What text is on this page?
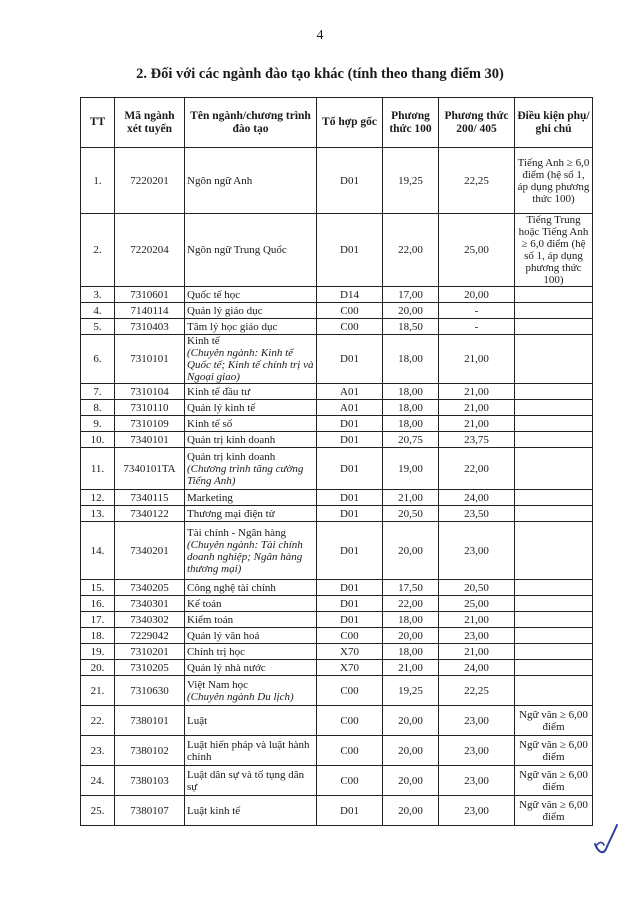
4
2. Đối với các ngành đào tạo khác (tính theo thang điểm 30)
TT	Mã ngành xét tuyển	Tên ngành/chương trình đào tạo	Tổ hợp gốc	Phương thức 100	Phương thức 200/ 405	Điều kiện phụ/ ghi chú
1.	7220201	Ngôn ngữ Anh	D01	19,25	22,25	Tiếng Anh ≥ 6,0 điểm (hệ số 1, áp dụng phương thức 100)
2.	7220204	Ngôn ngữ Trung Quốc	D01	22,00	25,00	Tiếng Trung hoặc Tiếng Anh ≥ 6,0 điểm (hệ số 1, áp dụng phương thức 100)
3.	7310601	Quốc tế học	D14	17,00	20,00	
4.	7140114	Quản lý giáo dục	C00	20,00	-	
5.	7310403	Tâm lý học giáo dục	C00	18,50	-	
6.	7310101	Kinh tế
(Chuyên ngành: Kinh tế Quốc tế; Kinh tế chính trị và Ngoại giao)	D01	18,00	21,00	
7.	7310104	Kinh tế đầu tư	A01	18,00	21,00	
8.	7310110	Quản lý kinh tế	A01	18,00	21,00	
9.	7310109	Kinh tế số	D01	18,00	21,00	
10.	7340101	Quản trị kinh doanh	D01	20,75	23,75	
11.	7340101TA	Quản trị kinh doanh
(Chương trình tăng cường Tiếng Anh)	D01	19,00	22,00	
12.	7340115	Marketing	D01	21,00	24,00	
13.	7340122	Thương mại điện tử	D01	20,50	23,50	
14.	7340201	Tài chính - Ngân hàng
(Chuyên ngành: Tài chính doanh nghiệp; Ngân hàng thương mại)	D01	20,00	23,00	
15.	7340205	Công nghệ tài chính	D01	17,50	20,50	
16.	7340301	Kế toán	D01	22,00	25,00	
17.	7340302	Kiểm toán	D01	18,00	21,00	
18.	7229042	Quản lý văn hoá	C00	20,00	23,00	
19.	7310201	Chính trị học	X70	18,00	21,00	
20.	7310205	Quản lý nhà nước	X70	21,00	24,00	
21.	7310630	Việt Nam học
(Chuyên ngành Du lịch)	C00	19,25	22,25	
22.	7380101	Luật	C00	20,00	23,00	Ngữ văn ≥ 6,00 điểm
23.	7380102	Luật hiến pháp và luật hành chính	C00	20,00	23,00	Ngữ văn ≥ 6,00 điểm
24.	7380103	Luật dân sự và tố tụng dân sự	C00	20,00	23,00	Ngữ văn ≥ 6,00 điểm
25.	7380107	Luật kinh tế	D01	20,00	23,00	Ngữ văn ≥ 6,00 điểm
